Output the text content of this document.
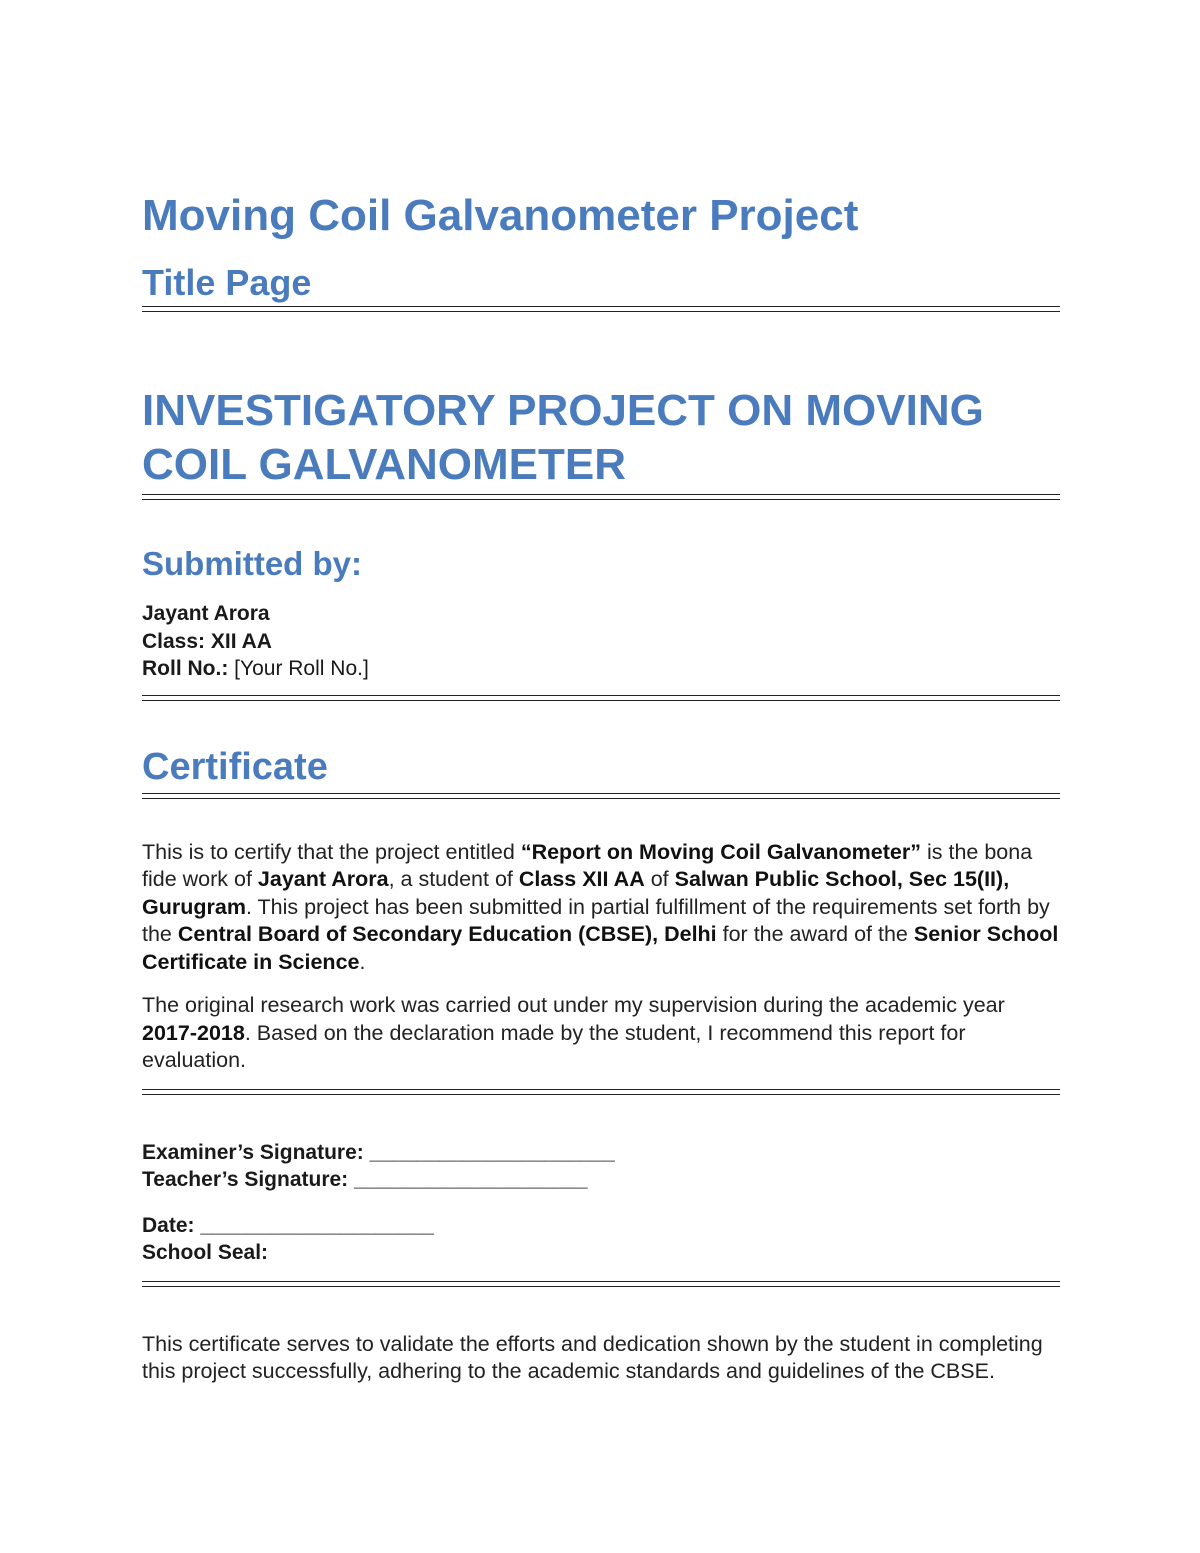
Moving Coil Galvanometer Project
Title Page
INVESTIGATORY PROJECT ON MOVING
COIL GALVANOMETER
Submitted by:
Jayant Arora
Class: XII AA
Roll No.: [Your Roll No.]
Certificate

This is to certify that the project entitled “Report on Moving Coil Galvanometer” is the bona fide work of Jayant Arora, a student of Class XII AA of Salwan Public School, Sec 15(II), Gurugram. This project has been submitted in partial fulfillment of the requirements set forth by the Central Board of Secondary Education (CBSE), Delhi for the award of the Senior School Certificate in Science.

The original research work was carried out under my supervision during the academic year 2017-2018. Based on the declaration made by the student, I recommend this report for evaluation.

Examiner’s Signature: _____________________
Teacher’s Signature: ____________________
Date: ____________________
School Seal:

This certificate serves to validate the efforts and dedication shown by the student in completing this project successfully, adhering to the academic standards and guidelines of the CBSE.
